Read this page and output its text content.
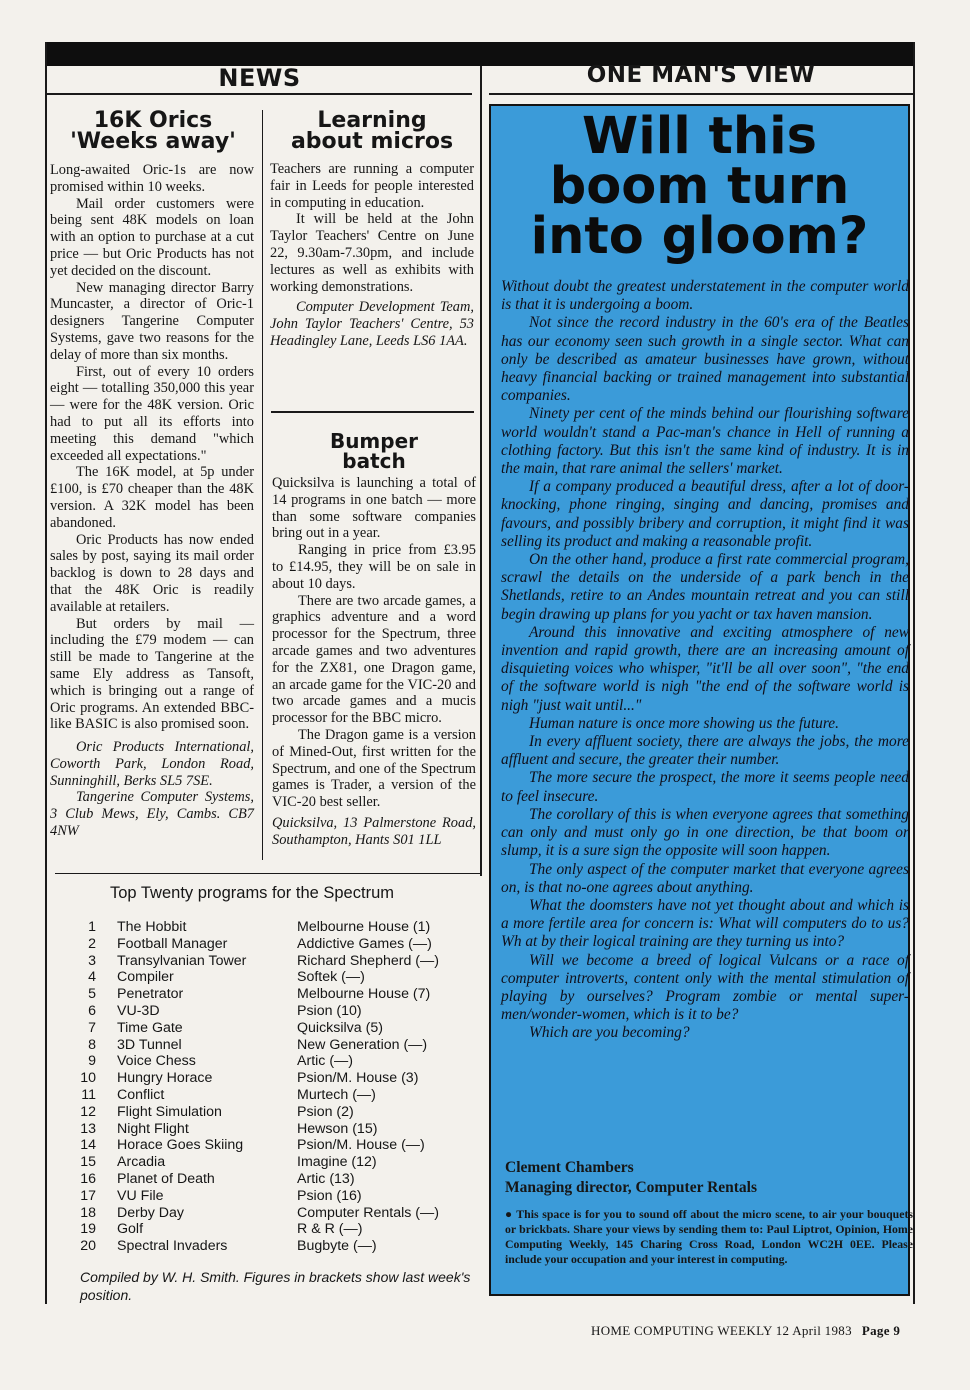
NEWS	ONE MAN'S VIEW
16K Orics
'Weeks away'

Long-awaited Oric-1s are now promised within 10 weeks.

Mail order customers were being sent 48K models on loan with an option to purchase at a cut price — but Oric Products has not yet decided on the discount.

New managing director Barry Muncaster, a director of Oric-1 designers Tangerine Computer Systems, gave two reasons for the delay of more than six months.

First, out of every 10 orders eight — totalling 350,000 this year — were for the 48K version. Oric had to put all its efforts into meeting this demand "which exceeded all expectations."

The 16K model, at 5p under £100, is £70 cheaper than the 48K version. A 32K model has been abandoned.

Oric Products has now ended sales by post, saying its mail order backlog is down to 28 days and that the 48K Oric is readily available at retailers.

But orders by mail — including the £79 modem — can still be made to Tangerine at the same Ely address as Tansoft, which is bringing out a range of Oric programs. An extended BBC-like BASIC is also promised soon.

Oric Products International, Coworth Park, London Road, Sunninghill, Berks SL5 7SE.

Tangerine Computer Systems, 3 Club Mews, Ely, Cambs. CB7 4NW

Learning
about micros

Teachers are running a computer fair in Leeds for people interested in computing in education.

It will be held at the John Taylor Teachers' Centre on June 22, 9.30am-7.30pm, and include lectures as well as exhibits with working demonstrations.

Computer Development Team, John Taylor Teachers' Centre, 53 Headingley Lane, Leeds LS6 1AA.

Bumper
batch

Quicksilva is launching a total of 14 programs in one batch — more than some software companies bring out in a year.

Ranging in price from £3.95 to £14.95, they will be on sale in about 10 days.

There are two arcade games, a graphics adventure and a word processor for the Spectrum, three arcade games and two adventures for the ZX81, one Dragon game, an arcade game for the VIC-20 and two arcade games and a mucis processor for the BBC micro.

The Dragon game is a version of Mined-Out, first written for the Spectrum, and one of the Spectrum games is Trader, a version of the VIC-20 best seller.

Quicksilva, 13 Palmerstone Road, Southampton, Hants S01 1LL

Top Twenty programs for the Spectrum
1 The Hobbit	Melbourne House (1)
2 Football Manager	Addictive Games (—)
3 Transylvanian Tower	Richard Shepherd (—)
4 Compiler	Softek (—)
5 Penetrator	Melbourne House (7)
6 VU-3D	Psion (10)
7 Time Gate	Quicksilva (5)
8 3D Tunnel	New Generation (—)
9 Voice Chess	Artic (—)
10 Hungry Horace	Psion/M. House (3)
11 Conflict	Murtech (—)
12 Flight Simulation	Psion (2)
13 Night Flight	Hewson (15)
14 Horace Goes Skiing	Psion/M. House (—)
15 Arcadia	Imagine (12)
16 Planet of Death	Artic (13)
17 VU File	Psion (16)
18 Derby Day	Computer Rentals (—)
19 Golf	R & R (—)
20 Spectral Invaders	Bugbyte (—)
Compiled by W. H. Smith. Figures in brackets show last week's position.
Will this
boom turn
into gloom?

Without doubt the greatest understatement in the computer world is that it is undergoing a boom.

Not since the record industry in the 60's era of the Beatles has our economy seen such growth in a single sector. What can only be described as amateur businesses have grown, without heavy financial backing or trained management into substantial companies.

Ninety per cent of the minds behind our flourishing software world wouldn't stand a Pac-man's chance in Hell of running a clothing factory. But this isn't the same kind of industry. It is in the main, that rare animal the sellers' market.

If a company produced a beautiful dress, after a lot of door-knocking, phone ringing, singing and dancing, promises and favours, and possibly bribery and corruption, it might find it was selling its product and making a reasonable profit.

On the other hand, produce a first rate commercial program, scrawl the details on the underside of a park bench in the Shetlands, retire to an Andes mountain retreat and you can still begin drawing up plans for you yacht or tax haven mansion.

Around this innovative and exciting atmosphere of new invention and rapid growth, there are an increasing amount of disquieting voices who whisper, "it'll be all over soon", "the end of the software world is nigh "the end of the software world is nigh "just wait until..."

Human nature is once more showing us the future.

In every affluent society, there are always the jobs, the more affluent and secure, the greater their number.

The more secure the prospect, the more it seems people need to feel insecure.

The corollary of this is when everyone agrees that something can only and must only go in one direction, be that boom or slump, it is a sure sign the opposite will soon happen.

The only aspect of the computer market that everyone agrees on, is that no-one agrees about anything.

What the doomsters have not yet thought about and which is a more fertile area for concern is: What will computers do to us? Wh at by their logical training are they turning us into?

Will we become a breed of logical Vulcans or a race of computer introverts, content only with the mental stimulation of playing by ourselves? Program zombie or mental super-men/wonder-women, which is it to be?

Which are you becoming?

Clement Chambers
Managing director, Computer Rentals
● This space is for you to sound off about the micro scene, to air your bouquets or brickbats. Share your views by sending them to: Paul Liptrot, Opinion, Home Computing Weekly, 145 Charing Cross Road, London WC2H 0EE. Please include your occupation and your interest in computing.
HOME COMPUTING WEEKLY 12 April 1983 Page 9
